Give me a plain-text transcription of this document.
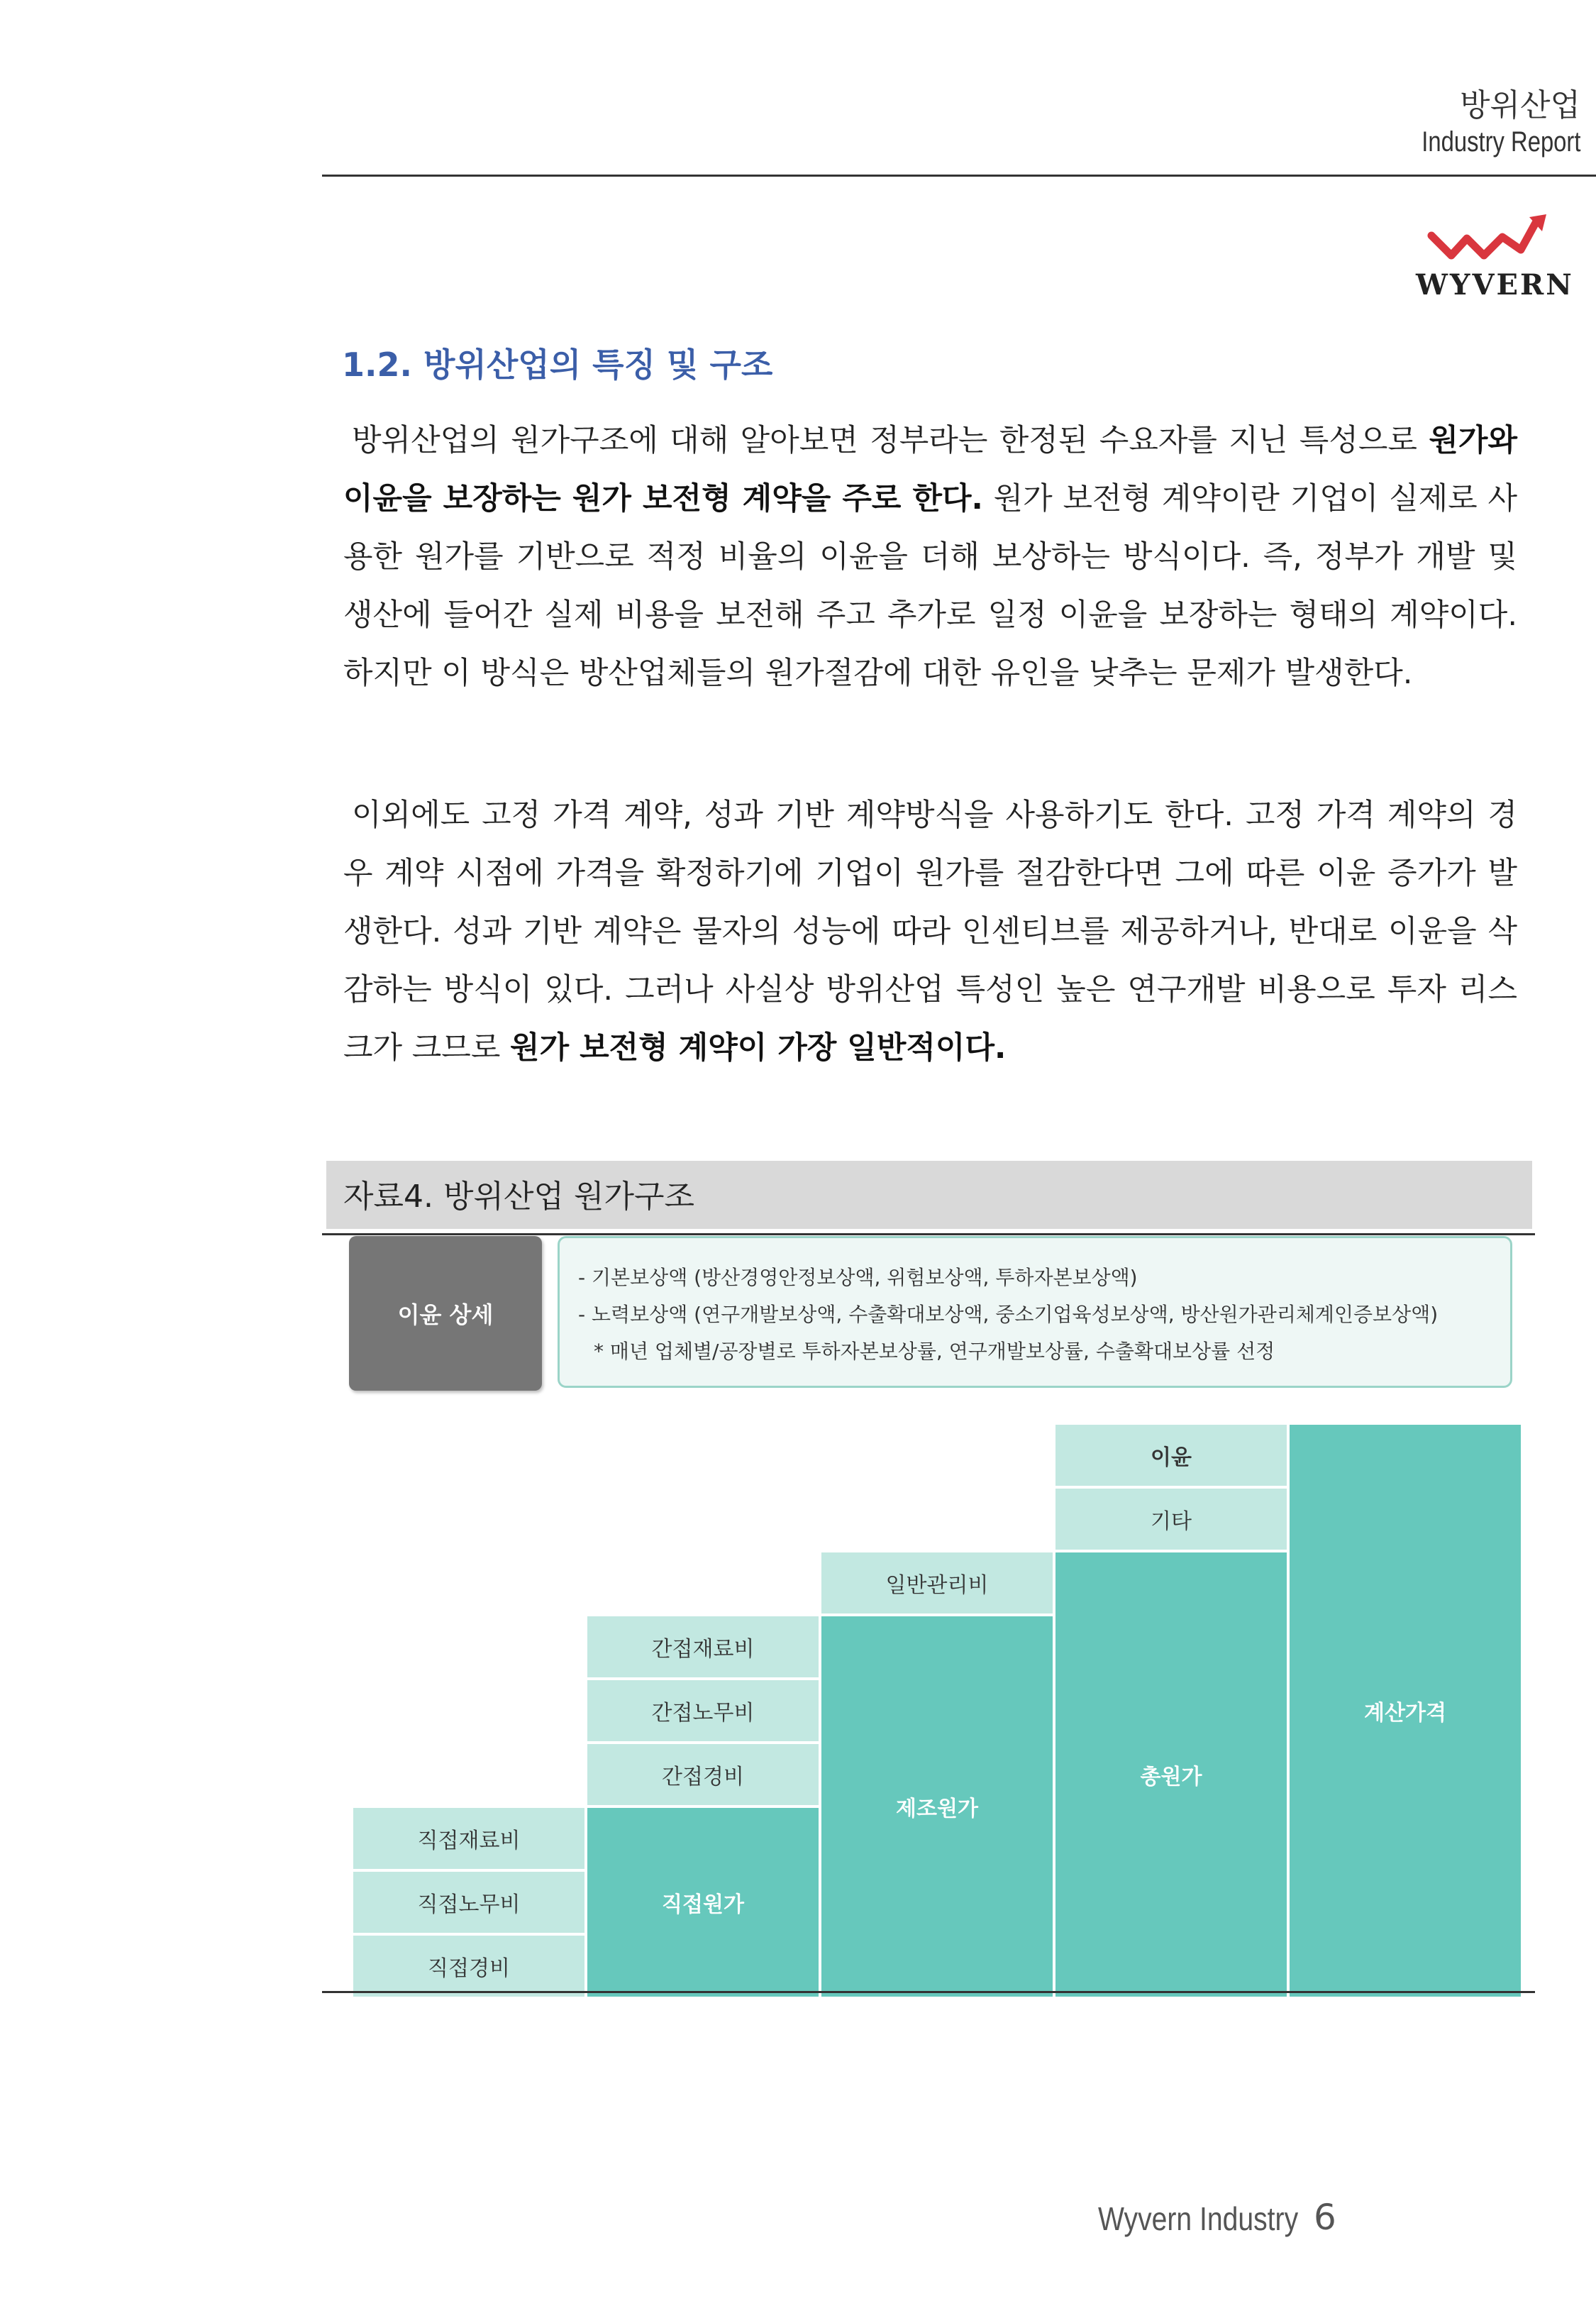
방위산업
Industry Report
WYVERN
1.2. 방위산업의 특징 및 구조
방위산업의 원가구조에 대해 알아보면 정부라는 한정된 수요자를 지닌 특성으로 원가와 이윤을 보장하는 원가 보전형 계약을 주로 한다. 원가 보전형 계약이란 기업이 실제로 사용한 원가를 기반으로 적정 비율의 이윤을 더해 보상하는 방식이다. 즉, 정부가 개발 및 생산에 들어간 실제 비용을 보전해 주고 추가로 일정 이윤을 보장하는 형태의 계약이다. 하지만 이 방식은 방산업체들의 원가절감에 대한 유인을 낮추는 문제가 발생한다.
이외에도 고정 가격 계약, 성과 기반 계약방식을 사용하기도 한다. 고정 가격 계약의 경우 계약 시점에 가격을 확정하기에 기업이 원가를 절감한다면 그에 따른 이윤 증가가 발생한다. 성과 기반 계약은 물자의 성능에 따라 인센티브를 제공하거나, 반대로 이윤을 삭감하는 방식이 있다. 그러나 사실상 방위산업 특성인 높은 연구개발 비용으로 투자 리스크가 크므로 원가 보전형 계약이 가장 일반적이다.
자료4. 방위산업 원가구조
이윤 상세
- 기본보상액 (방산경영안정보상액, 위험보상액, 투하자본보상액)
- 노력보상액 (연구개발보상액, 수출확대보상액, 중소기업육성보상액, 방산원가관리체계인증보상액)
* 매년 업체별/공장별로 투하자본보상률, 연구개발보상률, 수출확대보상률 선정
직접재료비
직접노무비
직접경비
간접재료비
간접노무비
간접경비
직접원가
일반관리비
제조원가
이윤
기타
총원가
계산가격
Wyvern Industry 6
